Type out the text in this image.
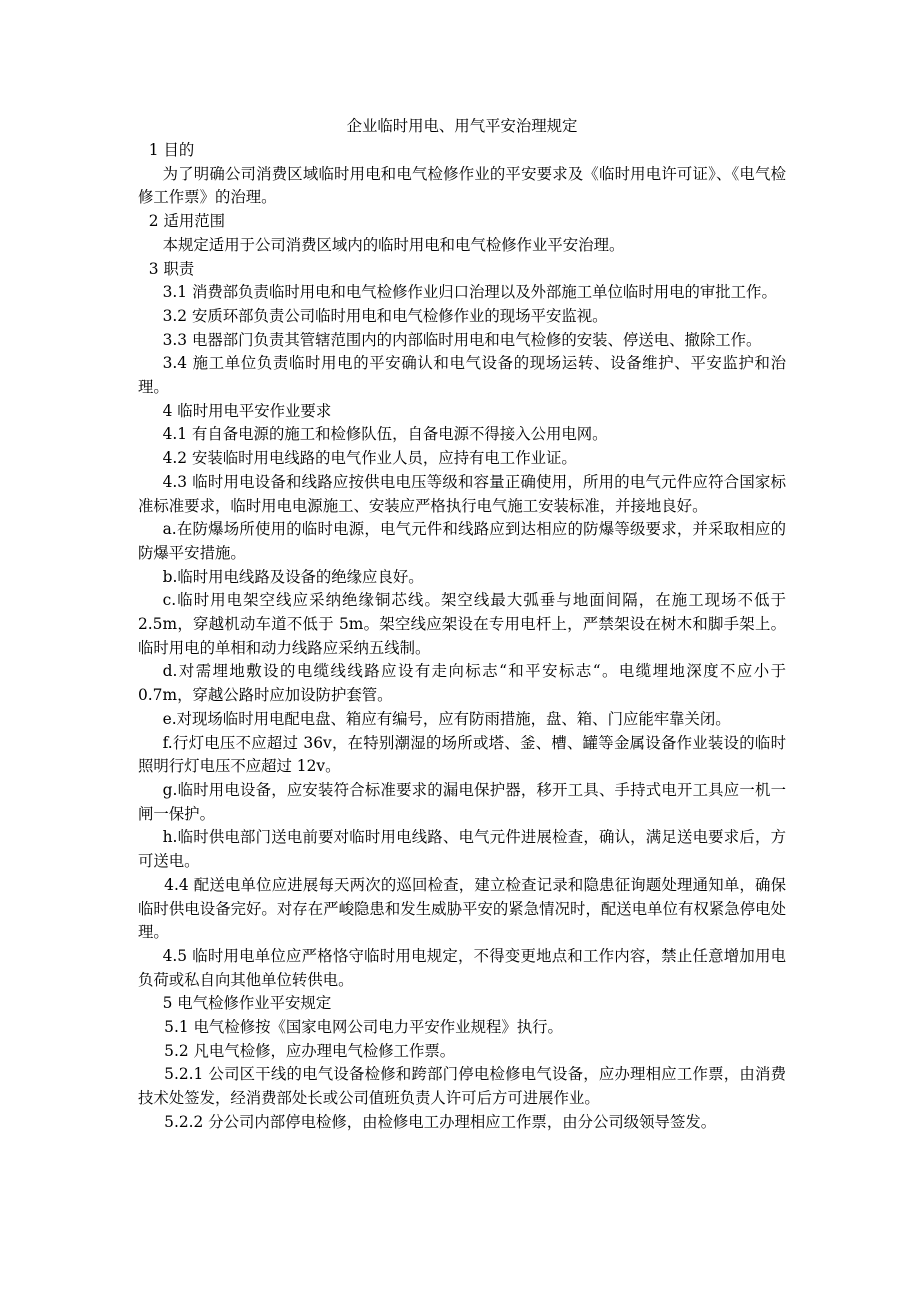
企业临时用电、用气平安治理规定

1 目的

为了明确公司消费区域临时用电和电气检修作业的平安要求及《临时用电许可证》、《电气检修工作票》的治理。

2 适用范围

本规定适用于公司消费区域内的临时用电和电气检修作业平安治理。

3 职责

3.1 消费部负责临时用电和电气检修作业归口治理以及外部施工单位临时用电的审批工作。

3.2 安质环部负责公司临时用电和电气检修作业的现场平安监视。

3.3 电器部门负责其管辖范围内的内部临时用电和电气检修的安装、停送电、撤除工作。

3.4 施工单位负责临时用电的平安确认和电气设备的现场运转、设备维护、平安监护和治理。

4 临时用电平安作业要求

4.1 有自备电源的施工和检修队伍，自备电源不得接入公用电网。

4.2 安装临时用电线路的电气作业人员，应持有电工作业证。

4.3 临时用电设备和线路应按供电电压等级和容量正确使用，所用的电气元件应符合国家标准标准要求，临时用电电源施工、安装应严格执行电气施工安装标准，并接地良好。

a.在防爆场所使用的临时电源，电气元件和线路应到达相应的防爆等级要求，并采取相应的防爆平安措施。

b.临时用电线路及设备的绝缘应良好。

c.临时用电架空线应采纳绝缘铜芯线。架空线最大弧垂与地面间隔，在施工现场不低于2.5m，穿越机动车道不低于 5m。架空线应架设在专用电杆上，严禁架设在树木和脚手架上。临时用电的单相和动力线路应采纳五线制。

d.对需埋地敷设的电缆线线路应设有走向标志“和平安标志“。电缆埋地深度不应小于0.7m，穿越公路时应加设防护套管。

e.对现场临时用电配电盘、箱应有编号，应有防雨措施，盘、箱、门应能牢靠关闭。

f.行灯电压不应超过 36v，在特别潮湿的场所或塔、釜、槽、罐等金属设备作业装设的临时照明行灯电压不应超过 12v。

g.临时用电设备，应安装符合标准要求的漏电保护器，移开工具、手持式电开工具应一机一闸一保护。

h.临时供电部门送电前要对临时用电线路、电气元件进展检查，确认，满足送电要求后，方可送电。

4.4 配送电单位应进展每天两次的巡回检查，建立检查记录和隐患征询题处理通知单，确保临时供电设备完好。对存在严峻隐患和发生威胁平安的紧急情况时，配送电单位有权紧急停电处理。

4.5 临时用电单位应严格恪守临时用电规定，不得变更地点和工作内容，禁止任意增加用电负荷或私自向其他单位转供电。

5 电气检修作业平安规定

5.1 电气检修按《国家电网公司电力平安作业规程》执行。

5.2 凡电气检修，应办理电气检修工作票。

5.2.1 公司区干线的电气设备检修和跨部门停电检修电气设备，应办理相应工作票，由消费技术处签发，经消费部处长或公司值班负责人许可后方可进展作业。

5.2.2 分公司内部停电检修，由检修电工办理相应工作票，由分公司级领导签发。
